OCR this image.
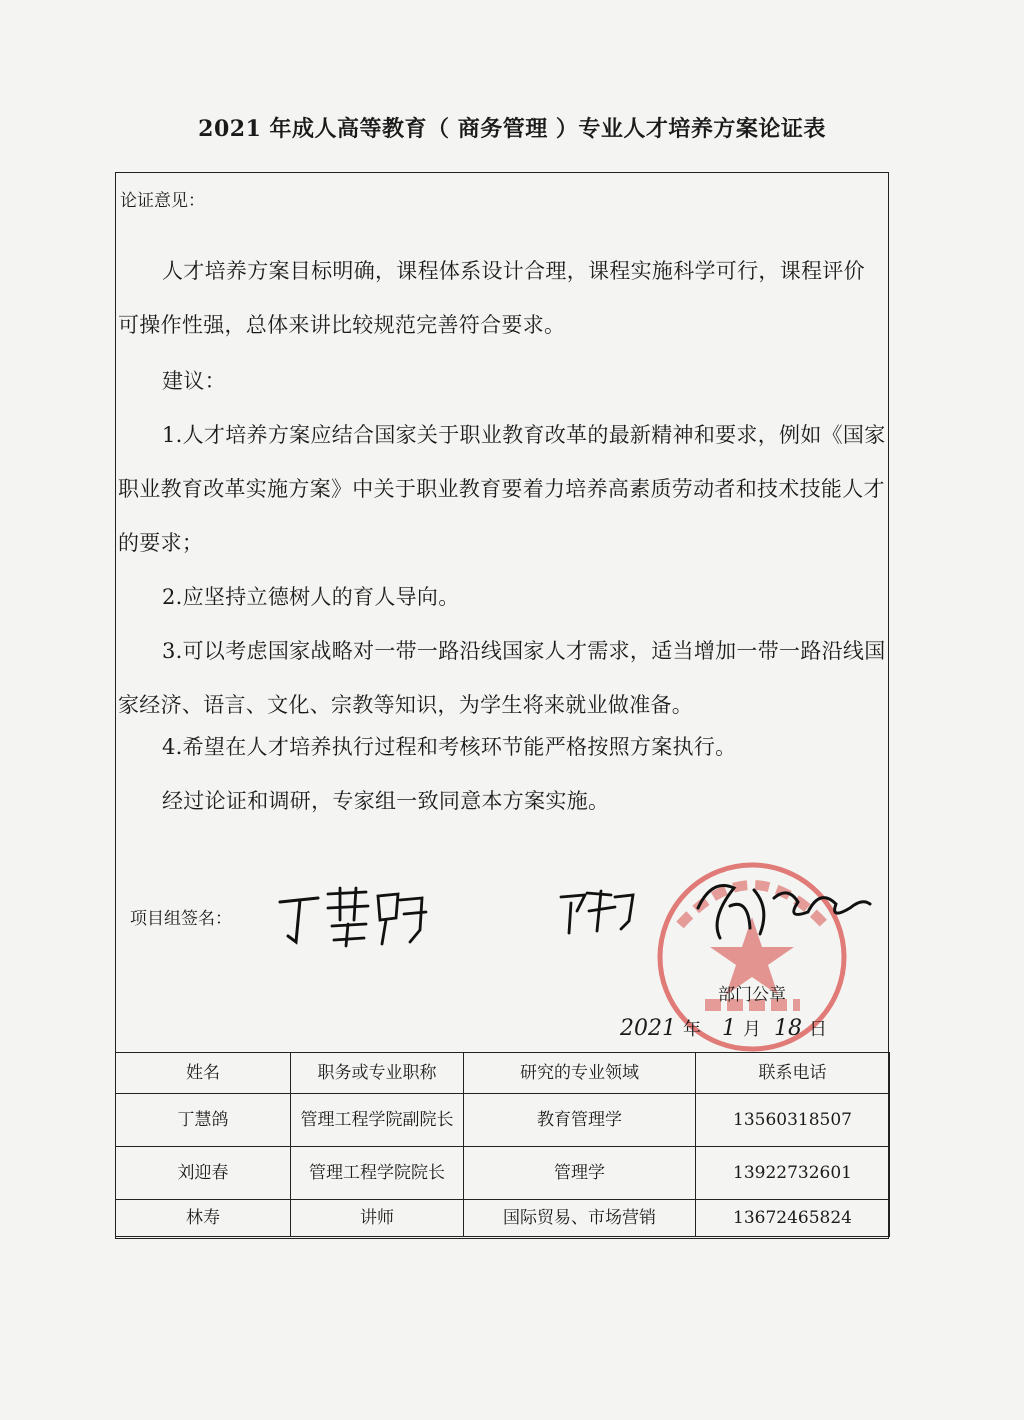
2021 年成人高等教育（ 商务管理 ）专业人才培养方案论证表
论证意见：
人才培养方案目标明确，课程体系设计合理，课程实施科学可行，课程评价可操作性强，总体来讲比较规范完善符合要求。
建议：
1.人才培养方案应结合国家关于职业教育改革的最新精神和要求，例如《国家职业教育改革实施方案》中关于职业教育要着力培养高素质劳动者和技术技能人才的要求；
2.应坚持立德树人的育人导向。
3.可以考虑国家战略对一带一路沿线国家人才需求，适当增加一带一路沿线国家经济、语言、文化、宗教等知识，为学生将来就业做准备。
4.希望在人才培养执行过程和考核环节能严格按照方案执行。
经过论证和调研，专家组一致同意本方案实施。
项目组签名：
部门公章
2021 年 1 月 18 日
姓名	职务或专业职称	研究的专业领域	联系电话
丁慧鸽	管理工程学院副院长	教育管理学	13560318507
刘迎春	管理工程学院院长	管理学	13922732601
林寿	讲师	国际贸易、市场营销	13672465824
